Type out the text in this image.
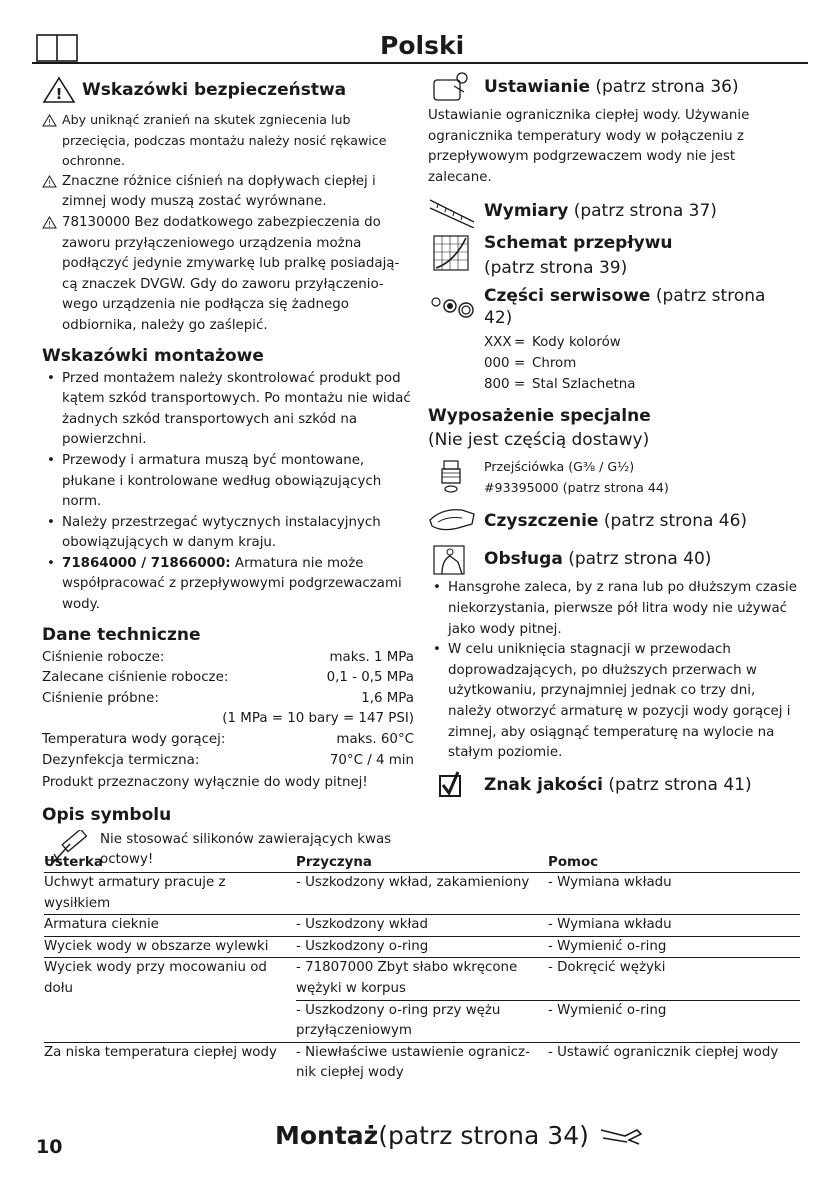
Polski
! Wskazówki bezpieczeństwa
! Aby uniknąć zranień na skutek zgniecenia lub przecięcia, podczas montażu należy nosić rękawice ochronne.
! Znaczne różnice ciśnień na dopływach ciepłej i zimnej wody muszą zostać wyrównane.
! 78130000 Bez dodatkowego zabezpieczenia do zaworu przyłączeniowego urządzenia można podłączyć jedynie zmywarkę lub pralkę posiadają-cą znaczek DVGW. Gdy do zaworu przyłączenio-wego urządzenia nie podłącza się żadnego odbiornika, należy go zaślepić.
Wskazówki montażowe
• Przed montażem należy skontrolować produkt pod kątem szkód transportowych. Po montażu nie widać żadnych szkód transportowych ani szkód na powierzchni.
• Przewody i armatura muszą być montowane, płukane i kontrolowane według obowiązujących norm.
• Należy przestrzegać wytycznych instalacyjnych obowiązujących w danym kraju.
• 71864000 / 71866000: Armatura nie może współpracować z przepływowymi podgrzewaczami wody.
Dane techniczne
Ciśnienie robocze:	maks. 1 MPa
Zalecane ciśnienie robocze:	0,1 - 0,5 MPa
Ciśnienie próbne:	1,6 MPa
(1 MPa = 10 bary = 147 PSI)
Temperatura wody gorącej:	maks. 60°C
Dezynfekcja termiczna:	70°C / 4 min
Produkt przeznaczony wyłącznie do wody pitnej!
Opis symbolu
Nie stosować silikonów zawierających kwas octowy!
Ustawianie (patrz strona 36)
Ustawianie ogranicznika ciepłej wody. Używanie ogranicznika temperatury wody w połączeniu z przepływowym podgrzewaczem wody nie jest zalecane.
Wymiary (patrz strona 37)
Schemat przepływu
(patrz strona 39)
Części serwisowe (patrz strona 42)
XXX = Kody kolorów
000 = Chrom
800 = Stal Szlachetna
Wyposażenie specjalne
(Nie jest częścią dostawy)
Przejściówka (G⅜ / G½)
#93395000 (patrz strona 44)
Czyszczenie (patrz strona 46)
Obsługa (patrz strona 40)
• Hansgrohe zaleca, by z rana lub po dłuższym czasie niekorzystania, pierwsze pół litra wody nie używać jako wody pitnej.
• W celu uniknięcia stagnacji w przewodach doprowadzających, po dłuższych przerwach w użytkowaniu, przynajmniej jednak co trzy dni, należy otworzyć armaturę w pozycji wody gorącej i zimnej, aby osiągnąć temperaturę na wylocie na stałym poziomie.
Znak jakości (patrz strona 41)
Usterka	Przyczyna	Pomoc
Uchwyt armatury pracuje z wysiłkiem	- Uszkodzony wkład, zakamieniony	- Wymiana wkładu
Armatura cieknie	- Uszkodzony wkład	- Wymiana wkładu
Wyciek wody w obszarze wylewki	- Uszkodzony o-ring	- Wymienić o-ring
Wyciek wody przy mocowaniu od dołu	- 71807000 Zbyt słabo wkręcone wężyki w korpus	- Dokręcić wężyki
	- Uszkodzony o-ring przy wężu przyłączeniowym	- Wymienić o-ring
Za niska temperatura ciepłej wody	- Niewłaściwe ustawienie ogranicz-nik ciepłej wody	- Ustawić ogranicznik ciepłej wody
10	Montaż (patrz strona 34)
